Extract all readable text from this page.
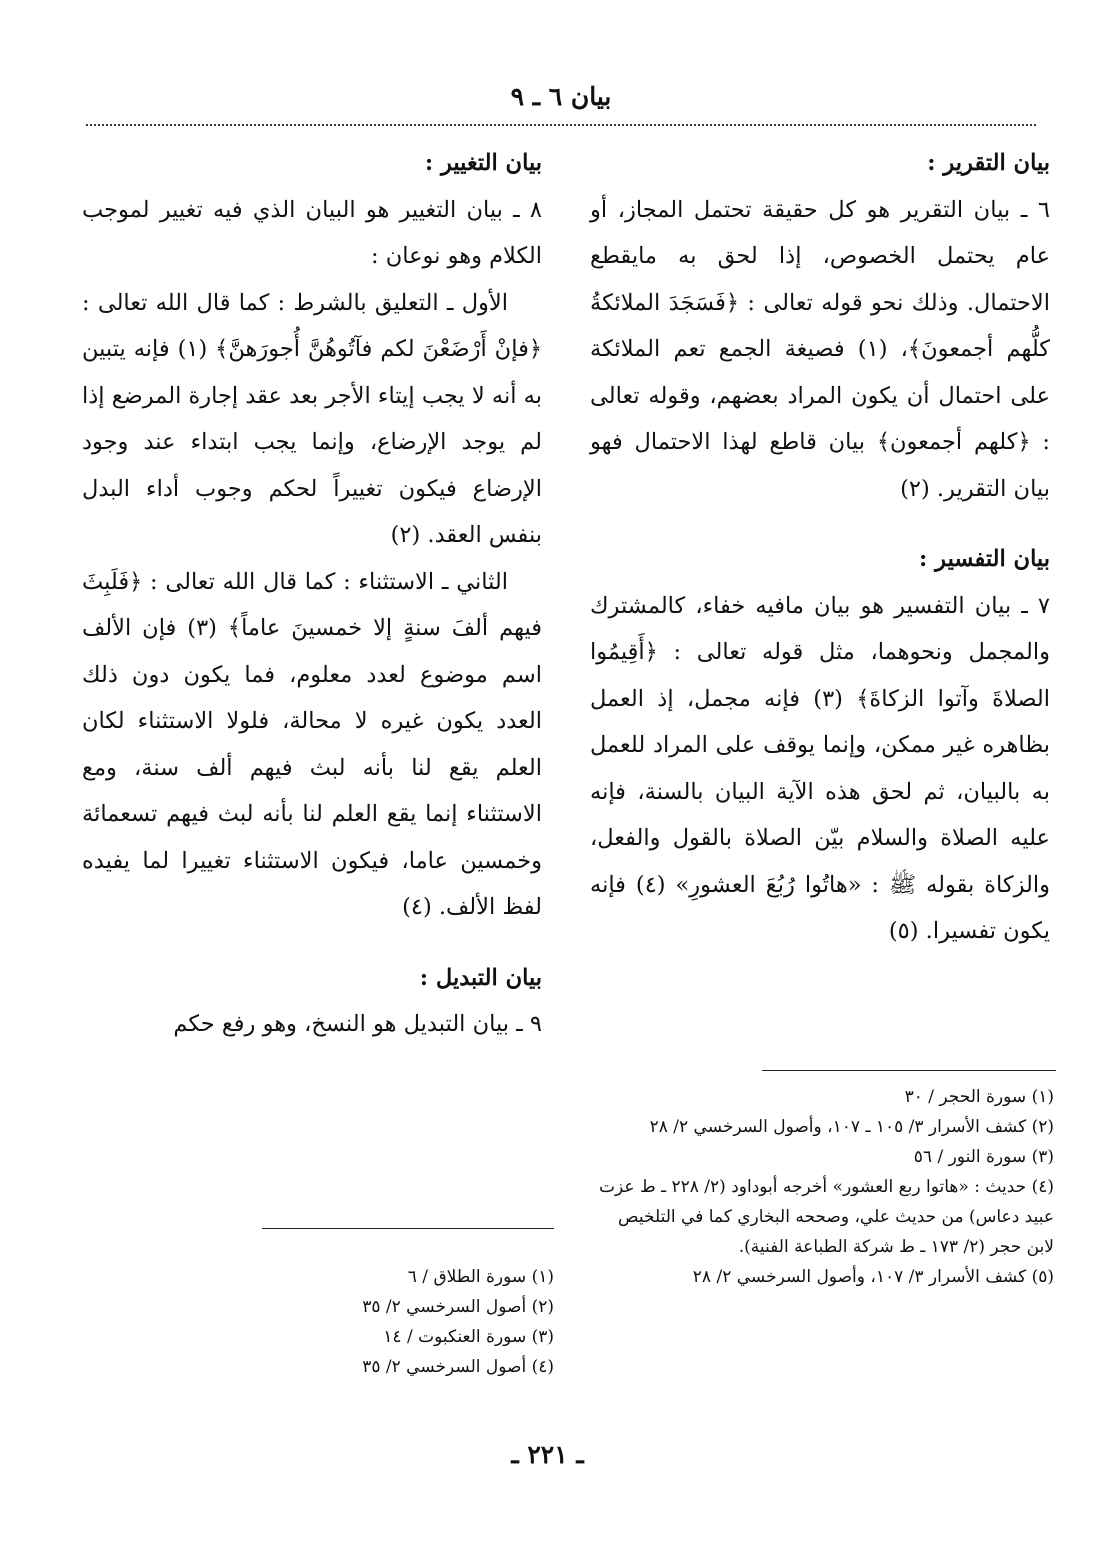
بيان ٦ ـ ٩

بيان التقرير :

٦ ـ بيان التقرير هو كل حقيقة تحتمل المجاز، أو عام يحتمل الخصوص، إذا لحق به مايقطع الاحتمال. وذلك نحو قوله تعالى : ﴿فَسَجَدَ الملائكةُ كلُّهم أجمعونَ﴾، (١) فصيغة الجمع تعم الملائكة على احتمال أن يكون المراد بعضهم، وقوله تعالى : ﴿كلهم أجمعون﴾ بيان قاطع لهذا الاحتمال فهو بيان التقرير. (٢)

بيان التفسير :

٧ ـ بيان التفسير هو بيان مافيه خفاء، كالمشترك والمجمل ونحوهما، مثل قوله تعالى : ﴿أَقِيمُوا الصلاةَ وآتوا الزكاةَ﴾ (٣) فإنه مجمل، إذ العمل بظاهره غير ممكن، وإنما يوقف على المراد للعمل به بالبيان، ثم لحق هذه الآية البيان بالسنة، فإنه عليه الصلاة والسلام بيّن الصلاة بالقول والفعل، والزكاة بقوله ﷺ : «هاتُوا رُبُعَ العشورِ» (٤) فإنه يكون تفسيرا. (٥)

(١) سورة الحجر / ٣٠
(٢) كشف الأسرار ٣/ ١٠٥ ـ ١٠٧، وأصول السرخسي ٢/ ٢٨
(٣) سورة النور / ٥٦
(٤) حديث : «هاتوا ربع العشور» أخرجه أبوداود (٢/ ٢٢٨ ـ ط عزت عبيد دعاس) من حديث علي، وصححه البخاري كما في التلخيص لابن حجر (٢/ ١٧٣ ـ ط شركة الطباعة الفنية).
(٥) كشف الأسرار ٣/ ١٠٧، وأصول السرخسي ٢/ ٢٨

بيان التغيير :

٨ ـ بيان التغيير هو البيان الذي فيه تغيير لموجب الكلام وهو نوعان :

الأول ـ التعليق بالشرط : كما قال الله تعالى : ﴿فإنْ أَرْضَعْنَ لكم فآتُوهُنَّ أُجورَهنَّ﴾ (١) فإنه يتبين به أنه لا يجب إيتاء الأجر بعد عقد إجارة المرضع إذا لم يوجد الإرضاع، وإنما يجب ابتداء عند وجود الإرضاع فيكون تغييراً لحكم وجوب أداء البدل بنفس العقد. (٢)

الثاني ـ الاستثناء : كما قال الله تعالى : ﴿فَلَبِثَ فيهم ألفَ سنةٍ إلا خمسينَ عاماً﴾ (٣) فإن الألف اسم موضوع لعدد معلوم، فما يكون دون ذلك العدد يكون غيره لا محالة، فلولا الاستثناء لكان العلم يقع لنا بأنه لبث فيهم ألف سنة، ومع الاستثناء إنما يقع العلم لنا بأنه لبث فيهم تسعمائة وخمسين عاما، فيكون الاستثناء تغييرا لما يفيده لفظ الألف. (٤)

بيان التبديل :

٩ ـ بيان التبديل هو النسخ، وهو رفع حكم

(١) سورة الطلاق / ٦
(٢) أصول السرخسي ٢/ ٣٥
(٣) سورة العنكبوت / ١٤
(٤) أصول السرخسي ٢/ ٣٥
ـ ٢٢١ ـ
